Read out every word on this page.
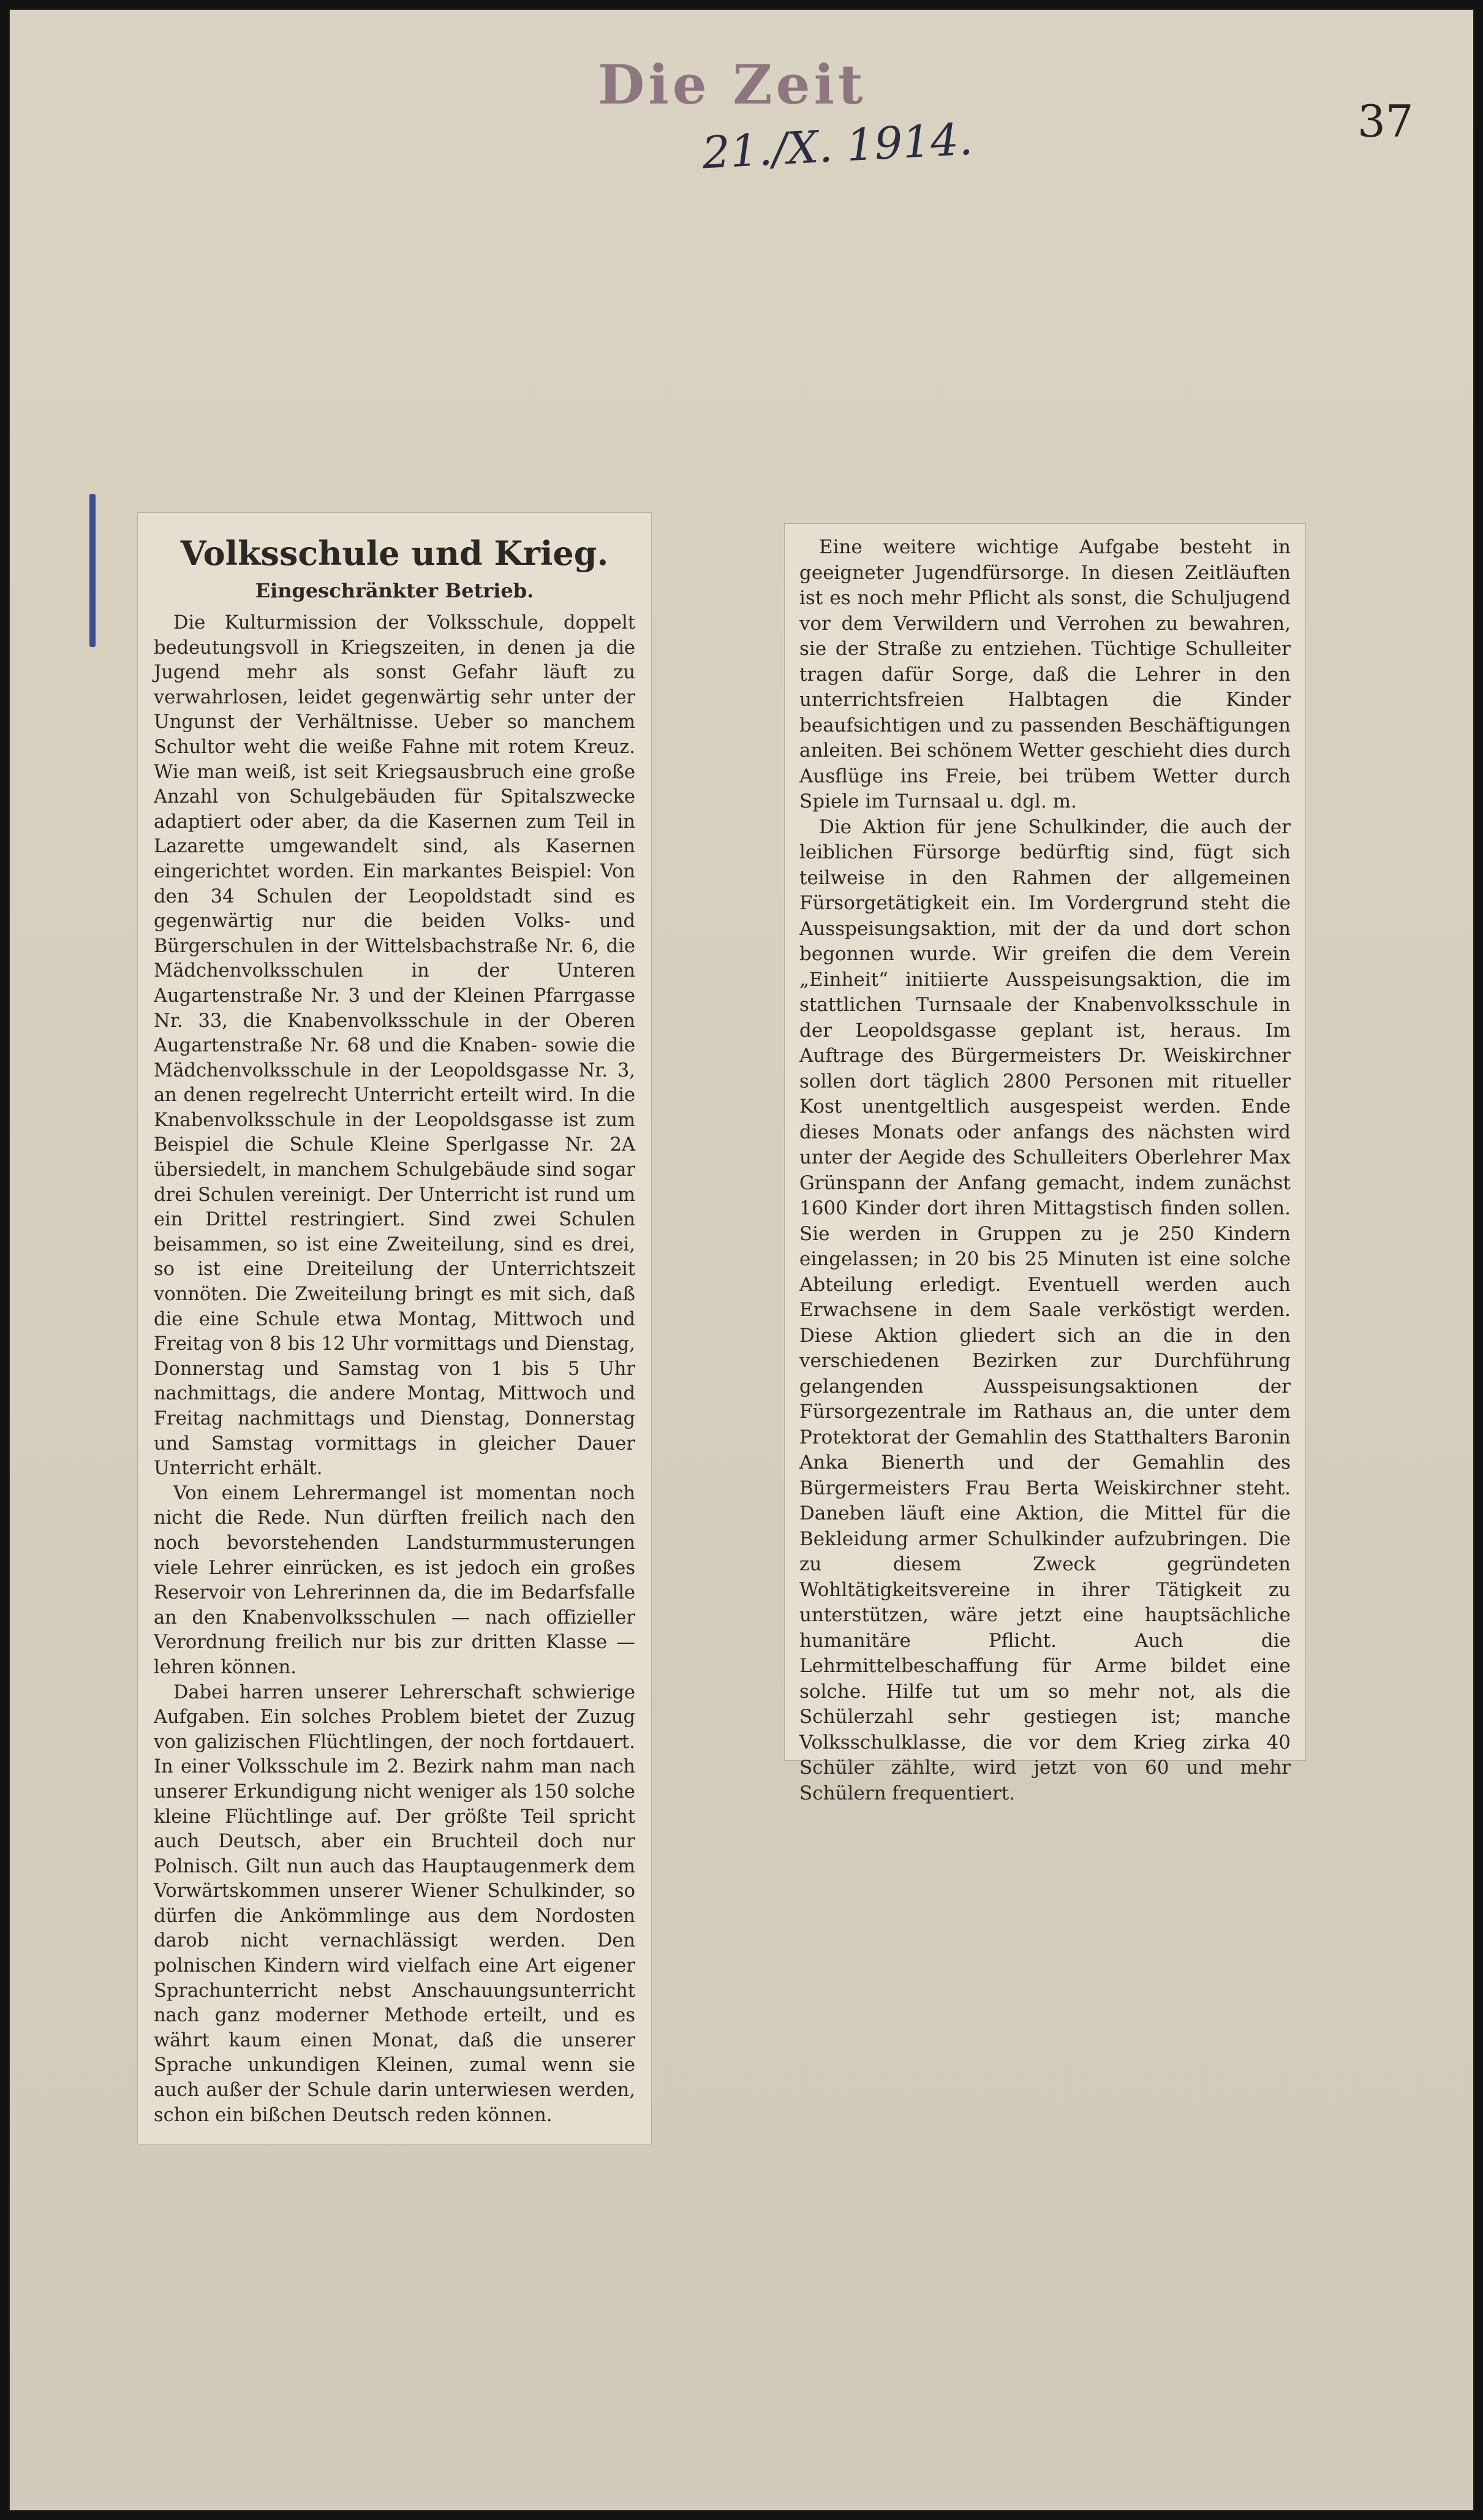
Die Zeit
21./X. 1914.	37
Volksschule und Krieg.
Eingeschränkter Betrieb.

Die Kulturmission der Volksschule, doppelt bedeutungsvoll in Kriegszeiten, in denen ja die Jugend mehr als sonst Gefahr läuft zu verwahrlosen, leidet gegenwärtig sehr unter der Ungunst der Verhältnisse. Ueber so manchem Schultor weht die weiße Fahne mit rotem Kreuz. Wie man weiß, ist seit Kriegsausbruch eine große Anzahl von Schulgebäuden für Spitalszwecke adaptiert oder aber, da die Kasernen zum Teil in Lazarette umgewandelt sind, als Kasernen eingerichtet worden. Ein markantes Beispiel: Von den 34 Schulen der Leopoldstadt sind es gegenwärtig nur die beiden Volks- und Bürgerschulen in der Wittelsbachstraße Nr. 6, die Mädchenvolksschulen in der Unteren Augartenstraße Nr. 3 und der Kleinen Pfarrgasse Nr. 33, die Knabenvolksschule in der Oberen Augartenstraße Nr. 68 und die Knaben- sowie die Mädchenvolksschule in der Leopoldsgasse Nr. 3, an denen regelrecht Unterricht erteilt wird. In die Knabenvolksschule in der Leopoldsgasse ist zum Beispiel die Schule Kleine Sperlgasse Nr. 2A übersiedelt, in manchem Schulgebäude sind sogar drei Schulen vereinigt. Der Unterricht ist rund um ein Drittel restringiert. Sind zwei Schulen beisammen, so ist eine Zweiteilung, sind es drei, so ist eine Dreiteilung der Unterrichtszeit vonnöten. Die Zweiteilung bringt es mit sich, daß die eine Schule etwa Montag, Mittwoch und Freitag von 8 bis 12 Uhr vormittags und Dienstag, Donnerstag und Samstag von 1 bis 5 Uhr nachmittags, die andere Montag, Mittwoch und Freitag nachmittags und Dienstag, Donnerstag und Samstag vormittags in gleicher Dauer Unterricht erhält.

Von einem Lehrermangel ist momentan noch nicht die Rede. Nun dürften freilich nach den noch bevorstehenden Landsturmmusterungen viele Lehrer einrücken, es ist jedoch ein großes Reservoir von Lehrerinnen da, die im Bedarfsfalle an den Knabenvolksschulen — nach offizieller Verordnung freilich nur bis zur dritten Klasse — lehren können.

Dabei harren unserer Lehrerschaft schwierige Aufgaben. Ein solches Problem bietet der Zuzug von galizischen Flüchtlingen, der noch fortdauert. In einer Volksschule im 2. Bezirk nahm man nach unserer Erkundigung nicht weniger als 150 solche kleine Flüchtlinge auf. Der größte Teil spricht auch Deutsch, aber ein Bruchteil doch nur Polnisch. Gilt nun auch das Hauptaugenmerk dem Vorwärtskommen unserer Wiener Schulkinder, so dürfen die Ankömmlinge aus dem Nordosten darob nicht vernachlässigt werden. Den polnischen Kindern wird vielfach eine Art eigener Sprachunterricht nebst Anschauungsunterricht nach ganz moderner Methode erteilt, und es währt kaum einen Monat, daß die unserer Sprache unkundigen Kleinen, zumal wenn sie auch außer der Schule darin unterwiesen werden, schon ein bißchen Deutsch reden können.

Eine weitere wichtige Aufgabe besteht in geeigneter Jugendfürsorge. In diesen Zeitläuften ist es noch mehr Pflicht als sonst, die Schuljugend vor dem Verwildern und Verrohen zu bewahren, sie der Straße zu entziehen. Tüchtige Schulleiter tragen dafür Sorge, daß die Lehrer in den unterrichtsfreien Halbtagen die Kinder beaufsichtigen und zu passenden Beschäftigungen anleiten. Bei schönem Wetter geschieht dies durch Ausflüge ins Freie, bei trübem Wetter durch Spiele im Turnsaal u. dgl. m.

Die Aktion für jene Schulkinder, die auch der leiblichen Fürsorge bedürftig sind, fügt sich teilweise in den Rahmen der allgemeinen Fürsorgetätigkeit ein. Im Vordergrund steht die Ausspeisungsaktion, mit der da und dort schon begonnen wurde. Wir greifen die dem Verein „Einheit“ initiierte Ausspeisungsaktion, die im stattlichen Turnsaale der Knabenvolksschule in der Leopoldsgasse geplant ist, heraus. Im Auftrage des Bürgermeisters Dr. Weiskirchner sollen dort täglich 2800 Personen mit ritueller Kost unentgeltlich ausgespeist werden. Ende dieses Monats oder anfangs des nächsten wird unter der Aegide des Schulleiters Oberlehrer Max Grünspann der Anfang gemacht, indem zunächst 1600 Kinder dort ihren Mittagstisch finden sollen. Sie werden in Gruppen zu je 250 Kindern eingelassen; in 20 bis 25 Minuten ist eine solche Abteilung erledigt. Eventuell werden auch Erwachsene in dem Saale verköstigt werden. Diese Aktion gliedert sich an die in den verschiedenen Bezirken zur Durchführung gelangenden Ausspeisungsaktionen der Fürsorgezentrale im Rathaus an, die unter dem Protektorat der Gemahlin des Statthalters Baronin Anka Bienerth und der Gemahlin des Bürgermeisters Frau Berta Weiskirchner steht. Daneben läuft eine Aktion, die Mittel für die Bekleidung armer Schulkinder aufzubringen. Die zu diesem Zweck gegründeten Wohltätigkeitsvereine in ihrer Tätigkeit zu unterstützen, wäre jetzt eine hauptsächliche humanitäre Pflicht. Auch die Lehrmittelbeschaffung für Arme bildet eine solche. Hilfe tut um so mehr not, als die Schülerzahl sehr gestiegen ist; manche Volksschulklasse, die vor dem Krieg zirka 40 Schüler zählte, wird jetzt von 60 und mehr Schülern frequentiert.
